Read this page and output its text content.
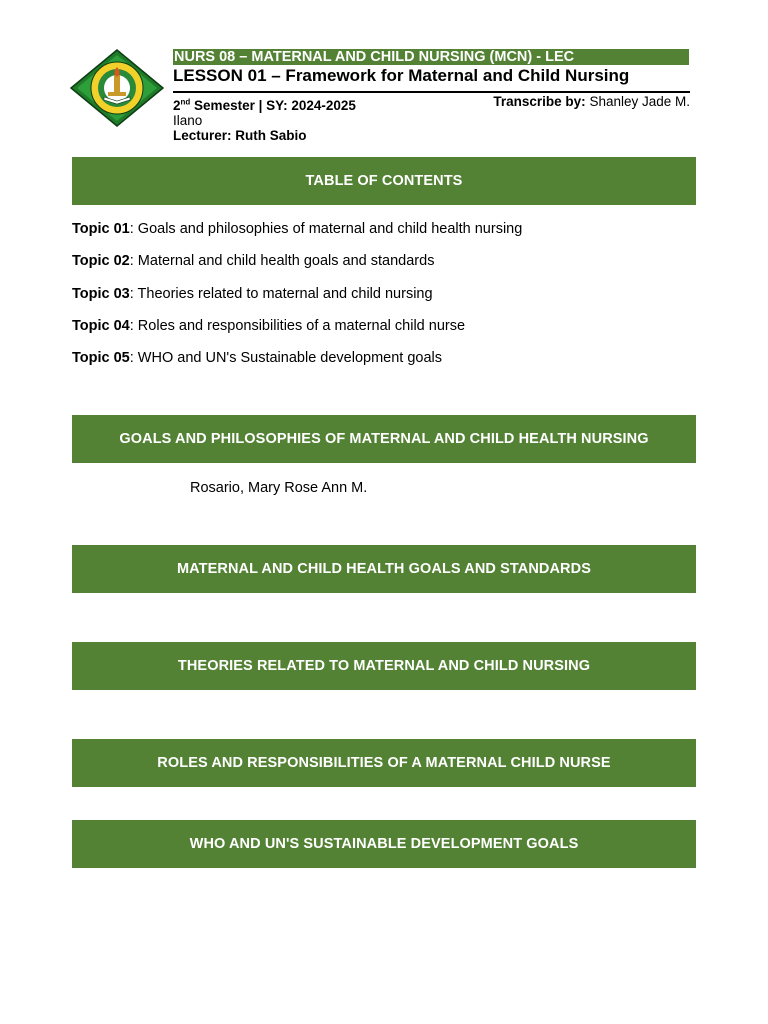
NURS 08 – MATERNAL AND CHILD NURSING (MCN) - LEC
LESSON 01 – Framework for Maternal and Child Nursing
Transcribe by: Shanley Jade M.
2nd Semester | SY: 2024-2025
Ilano
Lecturer: Ruth Sabio
TABLE OF CONTENTS
Topic 01: Goals and philosophies of maternal and child health nursing
Topic 02: Maternal and child health goals and standards
Topic 03: Theories related to maternal and child nursing
Topic 04: Roles and responsibilities of a maternal child nurse
Topic 05: WHO and UN's Sustainable development goals
GOALS AND PHILOSOPHIES OF MATERNAL AND CHILD HEALTH NURSING
Rosario, Mary Rose Ann M.
MATERNAL AND CHILD HEALTH GOALS AND STANDARDS
THEORIES RELATED TO MATERNAL AND CHILD NURSING
ROLES AND RESPONSIBILITIES OF A MATERNAL CHILD NURSE
WHO AND UN'S SUSTAINABLE DEVELOPMENT GOALS
